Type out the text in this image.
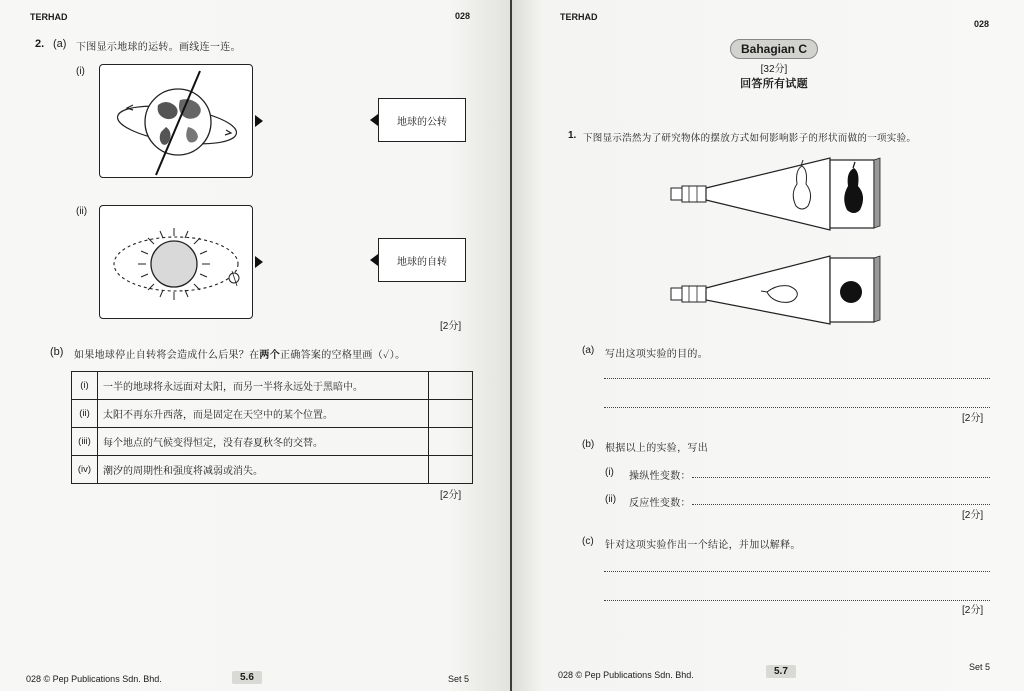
TERHAD	028
2. (a) 下图显示地球的运转。画线连一连。
(i)
(ii)
地球的公转
地球的自转
[2分]
(b) 如果地球停止自转将会造成什么后果？在两个正确答案的空格里画（✓）。
(i)	一半的地球将永远面对太阳，而另一半将永远处于黑暗中。	
(ii)	太阳不再东升西落，而是固定在天空中的某个位置。	
(iii)	每个地点的气候变得恒定，没有春夏秋冬的交替。	
(iv)	潮汐的周期性和强度将减弱或消失。	
[2分]
028 © Pep Publications Sdn. Bhd.	5.6	Set 5
TERHAD
028
Bahagian C
[32分]
回答所有试题
1. 下图显示浩然为了研究物体的摆放方式如何影响影子的形状而做的一项实验。
(a) 写出这项实验的目的。
[2分]
(b) 根据以上的实验，写出
(i) 操纵性变数：
(ii) 反应性变数：
[2分]
(c) 针对这项实验作出一个结论，并加以解释。
[2分]
028 © Pep Publications Sdn. Bhd.	5.7	Set 5
